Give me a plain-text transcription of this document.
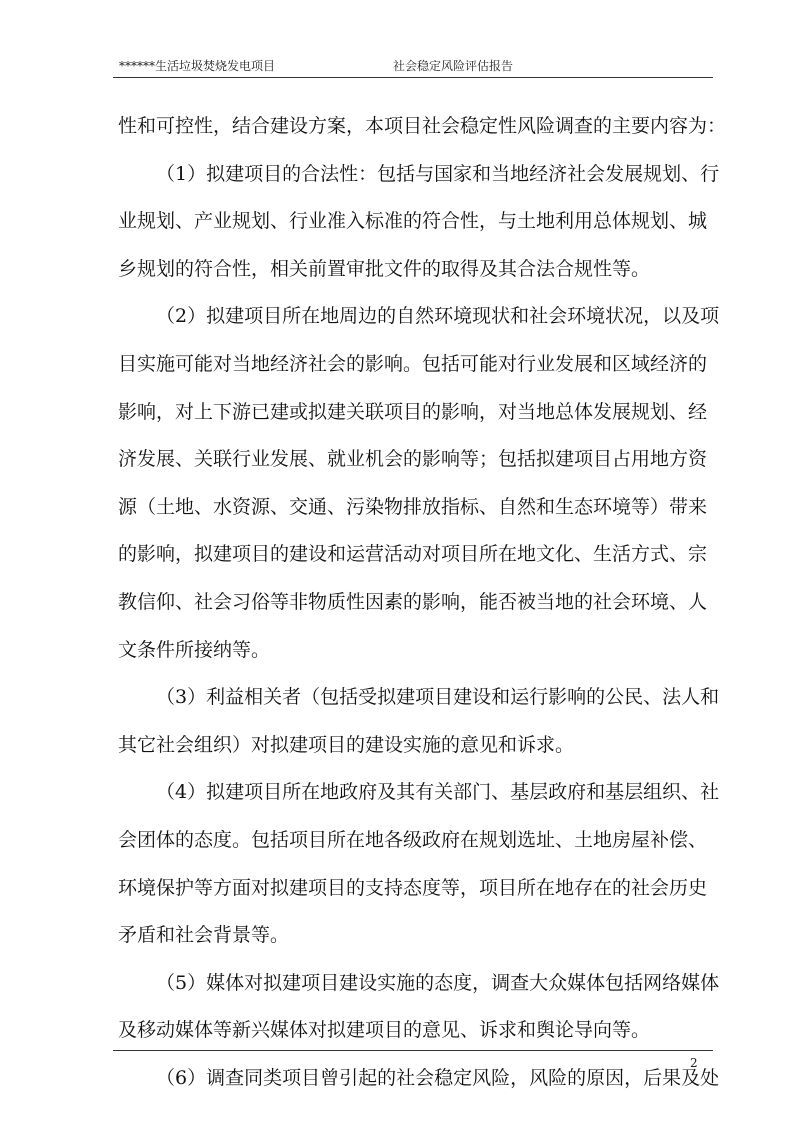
******生活垃圾焚烧发电项目	社会稳定风险评估报告
性和可控性，结合建设方案，本项目社会稳定性风险调查的主要内容为：
（1）拟建项目的合法性：包括与国家和当地经济社会发展规划、行
业规划、产业规划、行业准入标准的符合性，与土地利用总体规划、城
乡规划的符合性，相关前置审批文件的取得及其合法合规性等。
（2）拟建项目所在地周边的自然环境现状和社会环境状况，以及项
目实施可能对当地经济社会的影响。包括可能对行业发展和区域经济的
影响，对上下游已建或拟建关联项目的影响，对当地总体发展规划、经
济发展、关联行业发展、就业机会的影响等；包括拟建项目占用地方资
源（土地、水资源、交通、污染物排放指标、自然和生态环境等）带来
的影响，拟建项目的建设和运营活动对项目所在地文化、生活方式、宗
教信仰、社会习俗等非物质性因素的影响，能否被当地的社会环境、人
文条件所接纳等。
（3）利益相关者（包括受拟建项目建设和运行影响的公民、法人和
其它社会组织）对拟建项目的建设实施的意见和诉求。
（4）拟建项目所在地政府及其有关部门、基层政府和基层组织、社
会团体的态度。包括项目所在地各级政府在规划选址、土地房屋补偿、
环境保护等方面对拟建项目的支持态度等，项目所在地存在的社会历史
矛盾和社会背景等。
（5）媒体对拟建项目建设实施的态度，调查大众媒体包括网络媒体
及移动媒体等新兴媒体对拟建项目的意见、诉求和舆论导向等。
（6）调查同类项目曾引起的社会稳定风险，风险的原因，后果及处
2
